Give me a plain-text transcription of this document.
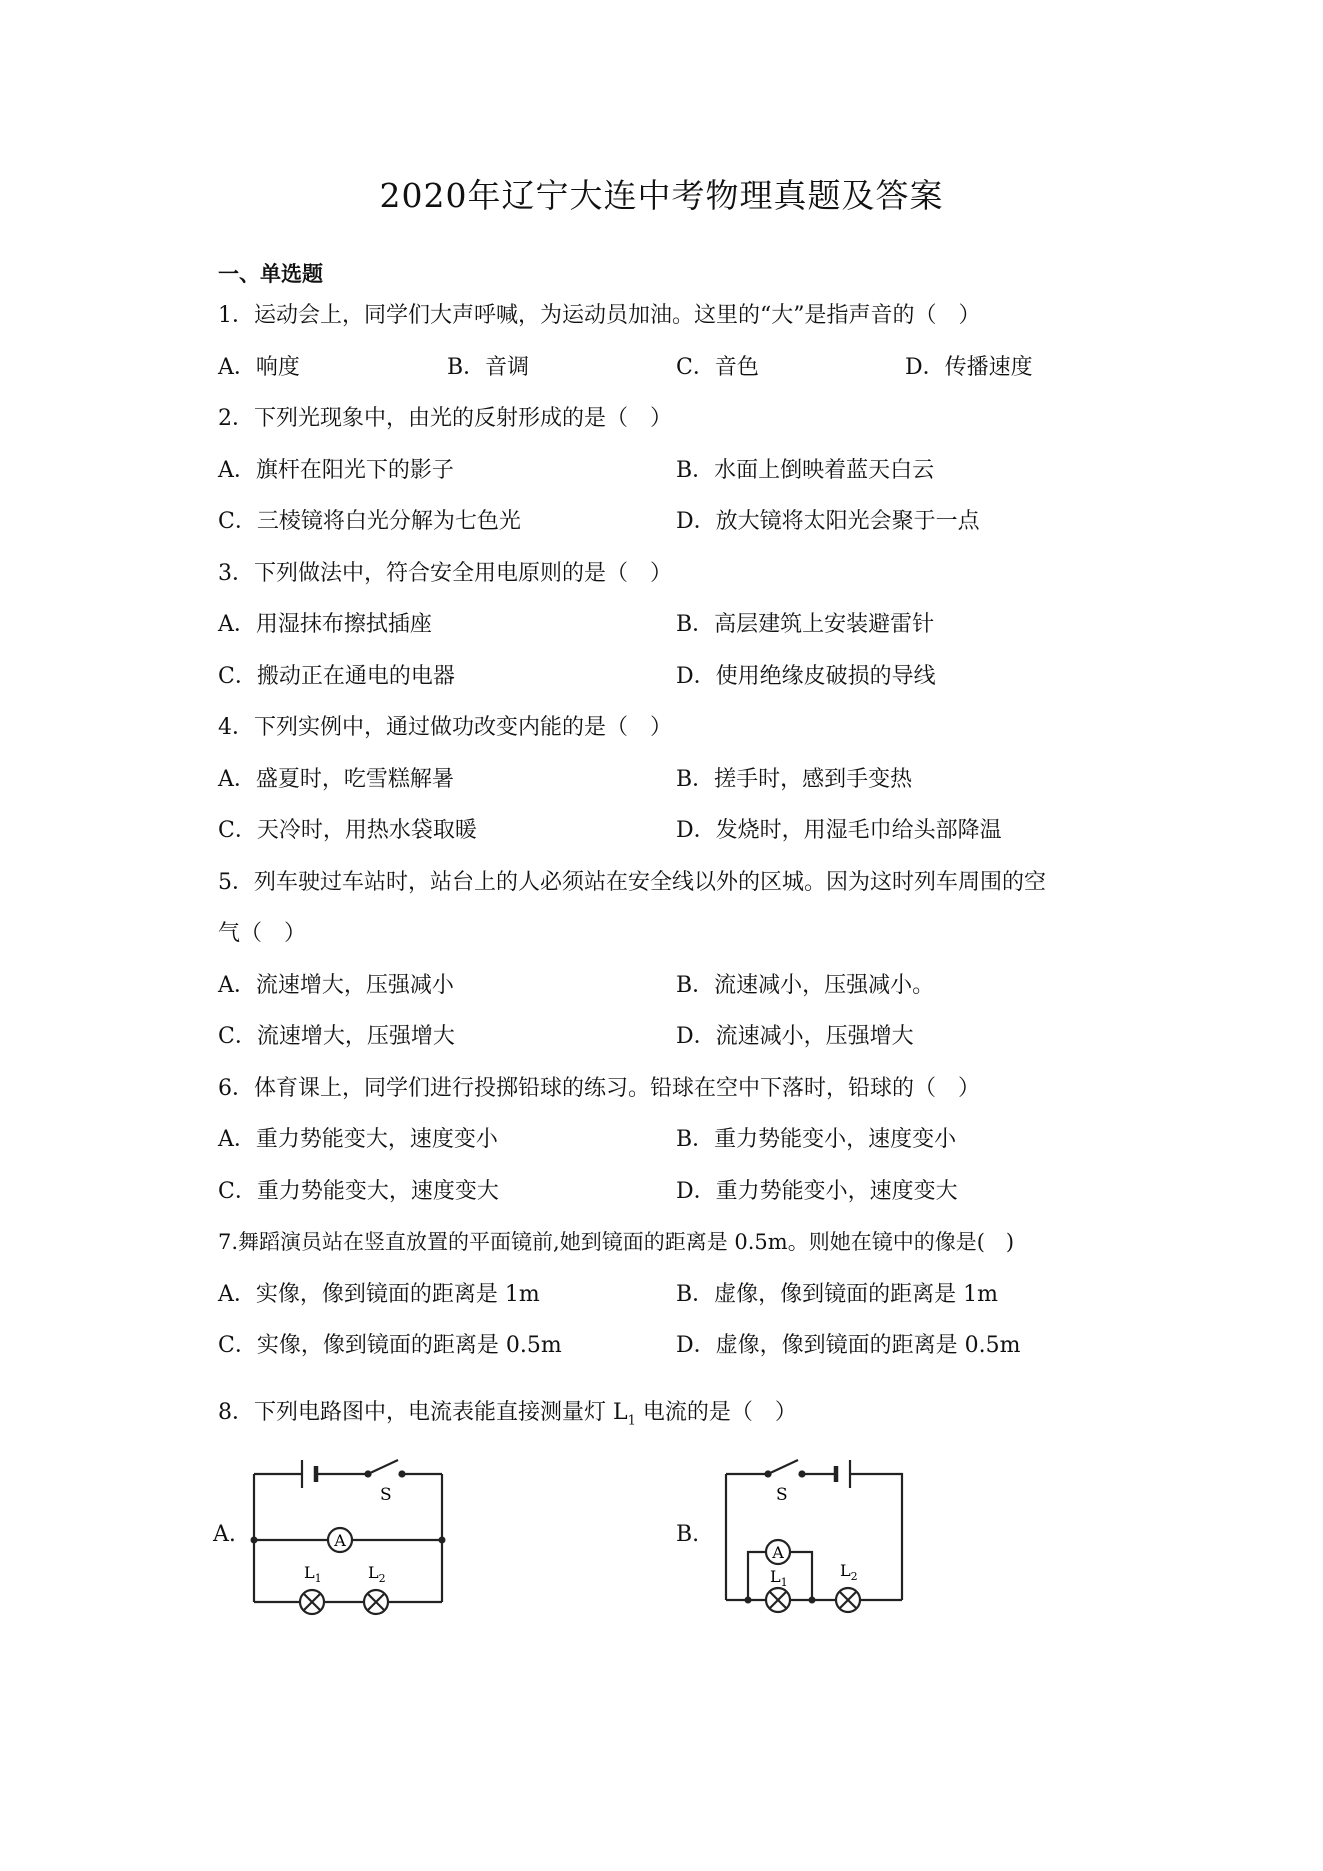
2020年辽宁大连中考物理真题及答案
一、单选题
1．运动会上，同学们大声呼喊，为运动员加油。这里的“大”是指声音的（　）
A．响度	B．音调	C．音色	D．传播速度
2．下列光现象中，由光的反射形成的是（　）
A．旗杆在阳光下的影子	B．水面上倒映着蓝天白云
C．三棱镜将白光分解为七色光	D．放大镜将太阳光会聚于一点
3．下列做法中，符合安全用电原则的是（　）
A．用湿抹布擦拭插座	B．高层建筑上安装避雷针
C．搬动正在通电的电器	D．使用绝缘皮破损的导线
4．下列实例中，通过做功改变内能的是（　）
A．盛夏时，吃雪糕解暑	B．搓手时，感到手变热
C．天冷时，用热水袋取暖	D．发烧时，用湿毛巾给头部降温
5．列车驶过车站时，站台上的人必须站在安全线以外的区城。因为这时列车周围的空
气（　）
A．流速增大，压强减小	B．流速减小，压强减小。
C．流速增大，压强增大	D．流速减小，压强增大
6．体育课上，同学们进行投掷铅球的练习。铅球在空中下落时，铅球的（　）
A．重力势能变大，速度变小	B．重力势能变小，速度变小
C．重力势能变大，速度变大	D．重力势能变小，速度变大
7.舞蹈演员站在竖直放置的平面镜前,她到镜面的距离是 0.5m。则她在镜中的像是(　)
A．实像，像到镜面的距离是 1m	B．虚像，像到镜面的距离是 1m
C．实像，像到镜面的距离是 0.5m	D．虚像，像到镜面的距离是 0.5m
8．下列电路图中，电流表能直接测量灯 $L_1$ 电流的是（　）
A.	B.
S
A
$L_1$	$L_2$
S
A
$L_1$
$L_2$
